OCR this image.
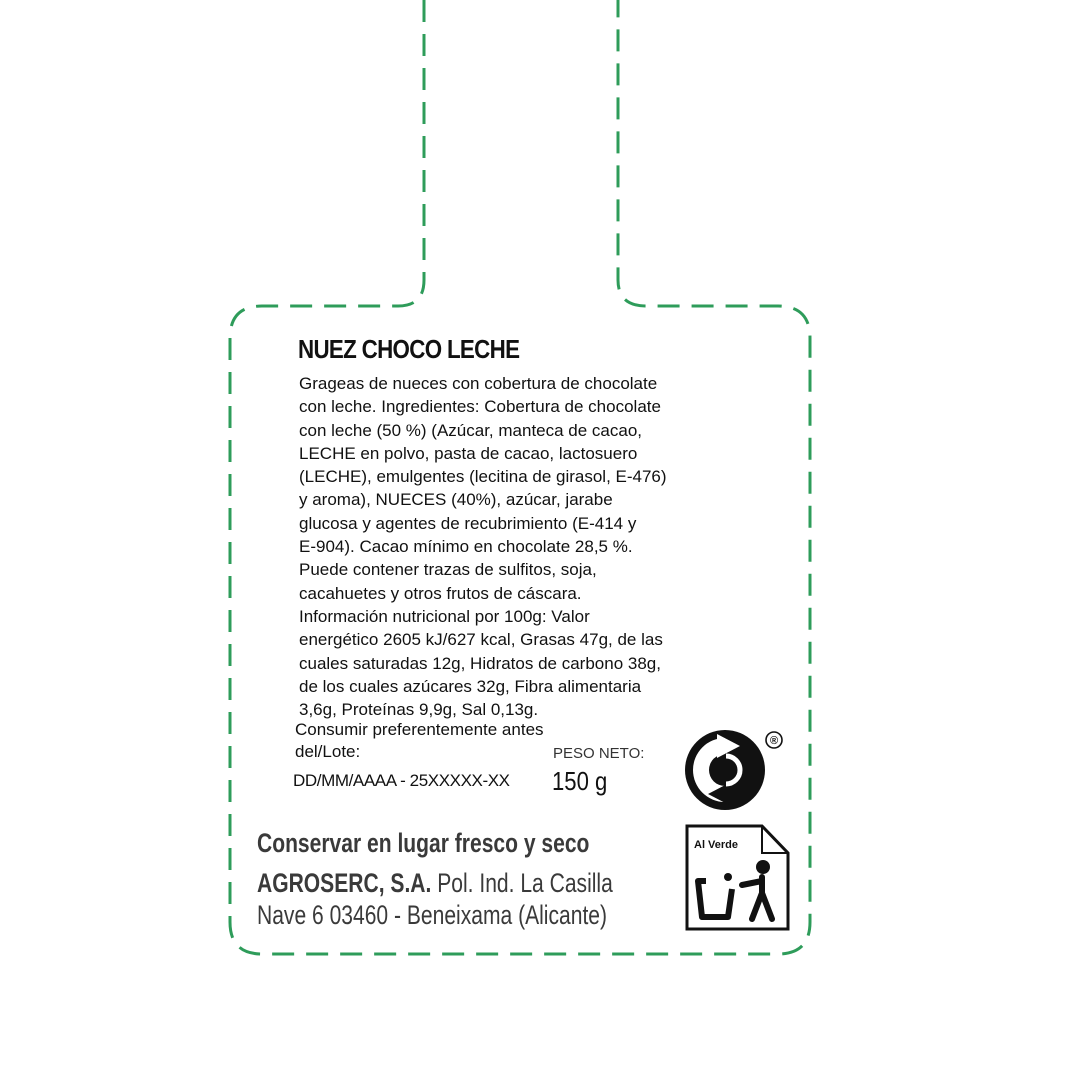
NUEZ CHOCO LECHE
Grageas de nueces con cobertura de chocolate
con leche. Ingredientes: Cobertura de chocolate
con leche (50 %) (Azúcar, manteca de cacao,
LECHE en polvo, pasta de cacao, lactosuero
(LECHE), emulgentes (lecitina de girasol, E-476)
y aroma), NUECES (40%), azúcar, jarabe
glucosa y agentes de recubrimiento (E-414 y
E-904). Cacao mínimo en chocolate 28,5 %.
Puede contener trazas de sulfitos, soja,
cacahuetes y otros frutos de cáscara.
Información nutricional por 100g: Valor
energético 2605 kJ/627 kcal, Grasas 47g, de las
cuales saturadas 12g, Hidratos de carbono 38g,
de los cuales azúcares 32g, Fibra alimentaria
3,6g, Proteínas 9,9g, Sal 0,13g.
Consumir preferentemente antes
del/Lote:	PESO NETO:
DD/MM/AAAA - 25XXXXX-XX 150 g
Conservar en lugar fresco y seco
AGROSERC, S.A. Pol. Ind. La Casilla
Nave 6 03460 - Beneixama (Alicante)
®
Al Verde
